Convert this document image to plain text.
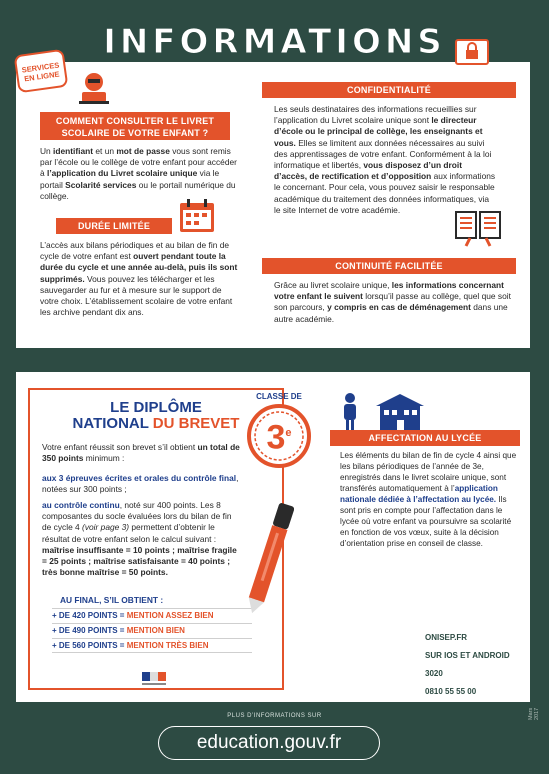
INFORMATIONS
SERVICES EN LIGNE
COMMENT CONSULTER LE LIVRET SCOLAIRE DE VOTRE ENFANT ?
Un identifiant et un mot de passe vous sont remis par l’école ou le collège de votre enfant pour accéder à l’application du Livret scolaire unique via le portail Scolarité services ou le portail numérique du collège.
DURÉE LIMITÉE
L’accès aux bilans périodiques et au bilan de fin de cycle de votre enfant est ouvert pendant toute la durée du cycle et une année au-delà, puis ils sont supprimés. Vous pouvez les télécharger et les sauvegarder au fur et à mesure sur le support de votre choix. L’établissement scolaire de votre enfant les archive pendant dix ans.
CONFIDENTIALITÉ
Les seuls destinataires des informations recueillies sur l’application du Livret scolaire unique sont le directeur d’école ou le principal de collège, les enseignants et vous. Elles se limitent aux données nécessaires au suivi des apprentissages de votre enfant. Conformément à la loi informatique et libertés, vous disposez d’un droit d’accès, de rectification et d’opposition aux informations le concernant. Pour cela, vous pouvez saisir le responsable académique du traitement des données informatiques, via le site Internet de votre académie.
CONTINUITÉ FACILITÉE
Grâce au livret scolaire unique, les informations concernant votre enfant le suivent lorsqu’il passe au collège, quel que soit son parcours, y compris en cas de déménagement dans une autre académie.
LE DIPLÔME
NATIONAL DU BREVET
Votre enfant réussit son brevet s’il obtient un total de 350 points minimum :
aux 3 épreuves écrites et orales du contrôle final, notées sur 300 points ;
au contrôle continu, noté sur 400 points. Les 8 composantes du socle évaluées lors du bilan de fin de cycle 4 (voir page 3) permettent d’obtenir le résultat de votre enfant selon le calcul suivant : maîtrise insuffisante = 10 points ; maîtrise fragile = 25 points ; maîtrise satisfaisante = 40 points ; très bonne maîtrise = 50 points.
AU FINAL, S’IL OBTIENT :
+ DE 420 POINTS = MENTION ASSEZ BIEN
+ DE 490 POINTS = MENTION BIEN
+ DE 560 POINTS = MENTION TRÈS BIEN
CLASSE DE
3e	AFFECTATION AU LYCÉE
Les éléments du bilan de fin de cycle 4 ainsi que les bilans périodiques de l’année de 3e, enregistrés dans le livret scolaire unique, sont transférés automatiquement à l’application nationale dédiée à l’affectation au lycée. Ils sont pris en compte pour l’affectation dans le lycée où votre enfant va poursuivre sa scolarité en fonction de vos vœux, suite à la décision d’orientation prise en conseil de classe.
NUMÉROS ET SITES UTILES
Orientation ONISEP.FR
Application eParents SUR IOS ET ANDROID
Non au harcèlement 3020
Aide Handicap École 0810 55 55 00
PLUS D’INFORMATIONS SUR
education.gouv.fr
Mars 2017
